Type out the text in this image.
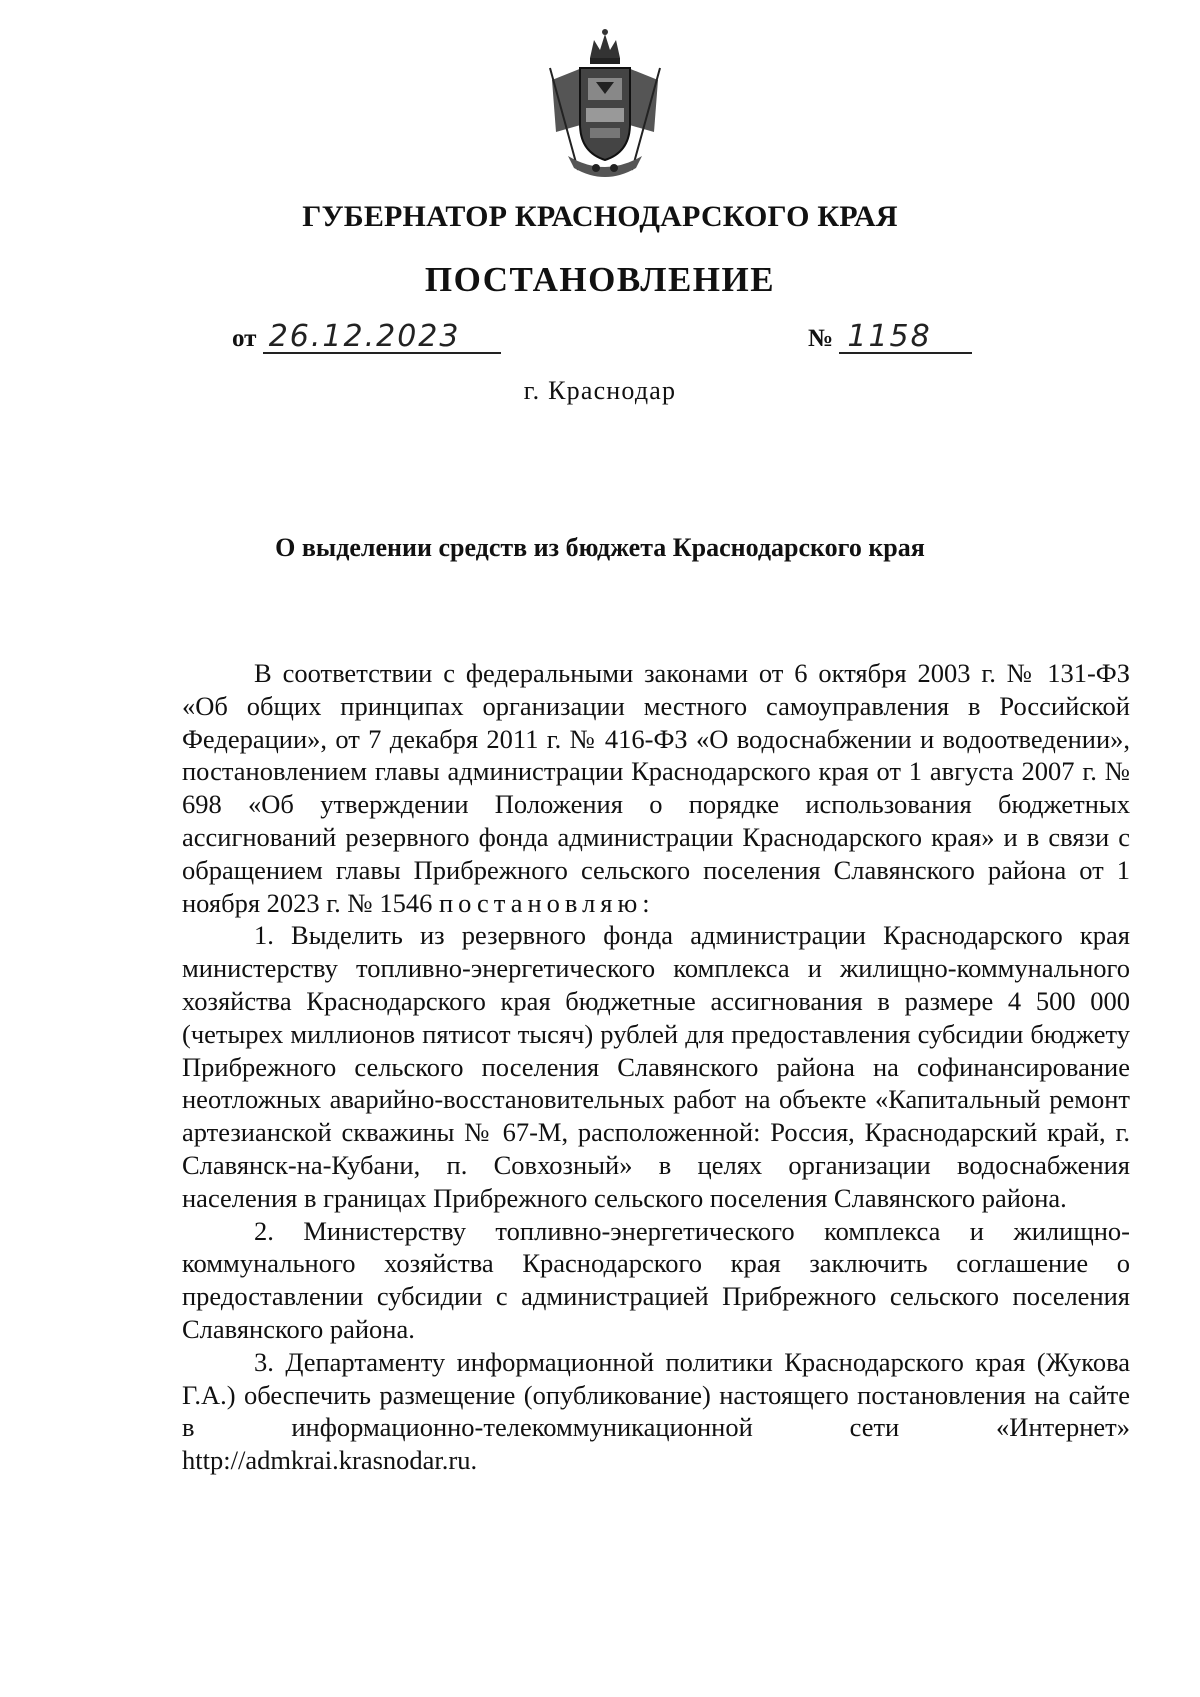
ГУБЕРНАТОР КРАСНОДАРСКОГО КРАЯ
ПОСТАНОВЛЕНИЕ
от 26.12.2023	№ 1158
г. Краснодар
О выделении средств из бюджета Краснодарского края

В соответствии с федеральными законами от 6 октября 2003 г. № 131-ФЗ «Об общих принципах организации местного самоуправления в Российской Федерации», от 7 декабря 2011 г. № 416-ФЗ «О водоснабжении и водоотведении», постановлением главы администрации Краснодарского края от 1 августа 2007 г. № 698 «Об утверждении Положения о порядке использования бюджетных ассигнований резервного фонда администрации Краснодарского края» и в связи с обращением главы Прибрежного сельского поселения Славянского района от 1 ноября 2023 г. № 1546 постановляю:

1. Выделить из резервного фонда администрации Краснодарского края министерству топливно-энергетического комплекса и жилищно-коммунального хозяйства Краснодарского края бюджетные ассигнования в размере 4 500 000 (четырех миллионов пятисот тысяч) рублей для предоставления субсидии бюджету Прибрежного сельского поселения Славянского района на софинансирование неотложных аварийно-восстановительных работ на объекте «Капитальный ремонт артезианской скважины № 67-М, расположенной: Россия, Краснодарский край, г. Славянск-на-Кубани, п. Совхозный» в целях организации водоснабжения населения в границах Прибрежного сельского поселения Славянского района.

2. Министерству топливно-энергетического комплекса и жилищно-коммунального хозяйства Краснодарского края заключить соглашение о предоставлении субсидии с администрацией Прибрежного сельского поселения Славянского района.

3. Департаменту информационной политики Краснодарского края (Жукова Г.А.) обеспечить размещение (опубликование) настоящего постановления на сайте в информационно-телекоммуникационной сети «Интернет» http://admkrai.krasnodar.ru.
